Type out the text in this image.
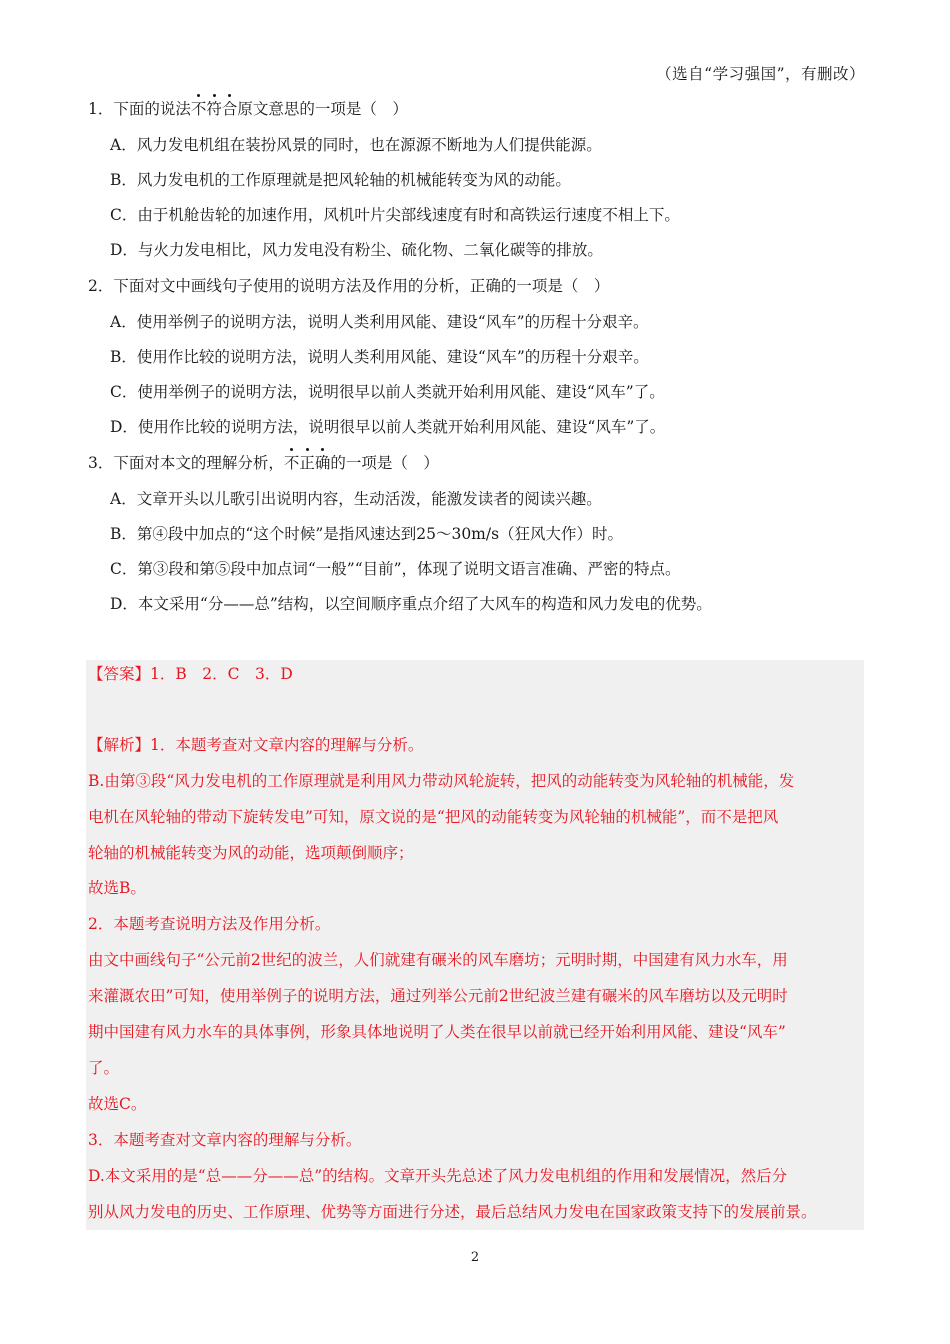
（选自“学习强国”，有删改）
1．下面的说法不符合原文意思的一项是（　）
A．风力发电机组在装扮风景的同时，也在源源不断地为人们提供能源。
B．风力发电机的工作原理就是把风轮轴的机械能转变为风的动能。
C．由于机舱齿轮的加速作用，风机叶片尖部线速度有时和高铁运行速度不相上下。
D．与火力发电相比，风力发电没有粉尘、硫化物、二氧化碳等的排放。
2．下面对文中画线句子使用的说明方法及作用的分析，正确的一项是（　）
A．使用举例子的说明方法，说明人类利用风能、建设“风车”的历程十分艰辛。
B．使用作比较的说明方法，说明人类利用风能、建设“风车”的历程十分艰辛。
C．使用举例子的说明方法，说明很早以前人类就开始利用风能、建设“风车”了。
D．使用作比较的说明方法，说明很早以前人类就开始利用风能、建设“风车”了。
3．下面对本文的理解分析，不正确的一项是（　）
A．文章开头以儿歌引出说明内容，生动活泼，能激发读者的阅读兴趣。
B．第④段中加点的“这个时候”是指风速达到25～30m/s（狂风大作）时。
C．第③段和第⑤段中加点词“一般”“目前”，体现了说明文语言准确、严密的特点。
D．本文采用“分——总”结构，以空间顺序重点介绍了大风车的构造和风力发电的优势。
【答案】1．B　2．C　3．D
【解析】1．本题考查对文章内容的理解与分析。
B.由第③段“风力发电机的工作原理就是利用风力带动风轮旋转，把风的动能转变为风轮轴的机械能，发
电机在风轮轴的带动下旋转发电”可知，原文说的是“把风的动能转变为风轮轴的机械能”，而不是把风
轮轴的机械能转变为风的动能，选项颠倒顺序；
故选B。
2．本题考查说明方法及作用分析。
由文中画线句子“公元前2世纪的波兰，人们就建有碾米的风车磨坊；元明时期，中国建有风力水车，用
来灌溉农田”可知，使用举例子的说明方法，通过列举公元前2世纪波兰建有碾米的风车磨坊以及元明时
期中国建有风力水车的具体事例，形象具体地说明了人类在很早以前就已经开始利用风能、建设“风车”
了。
故选C。
3．本题考查对文章内容的理解与分析。
D.本文采用的是“总——分——总”的结构。文章开头先总述了风力发电机组的作用和发展情况，然后分
别从风力发电的历史、工作原理、优势等方面进行分述，最后总结风力发电在国家政策支持下的发展前景。
2
